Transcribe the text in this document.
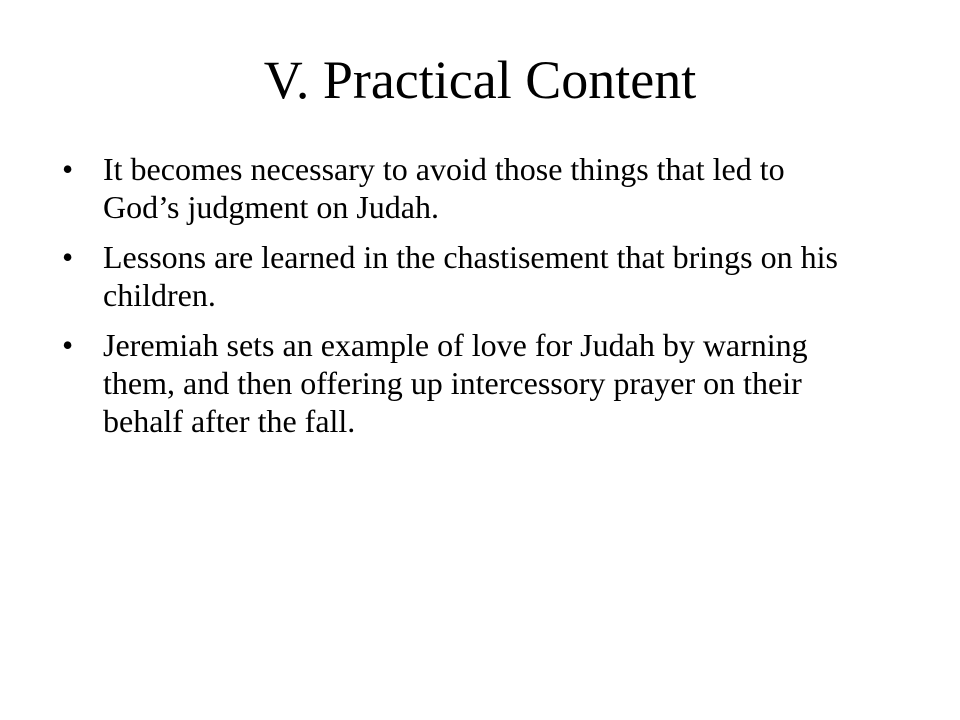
V. Practical Content
• It becomes necessary to avoid those things that led to God’s judgment on Judah.
• Lessons are learned in the chastisement that brings on his children.
• Jeremiah sets an example of love for Judah by warning them, and then offering up intercessory prayer on their behalf after the fall.
